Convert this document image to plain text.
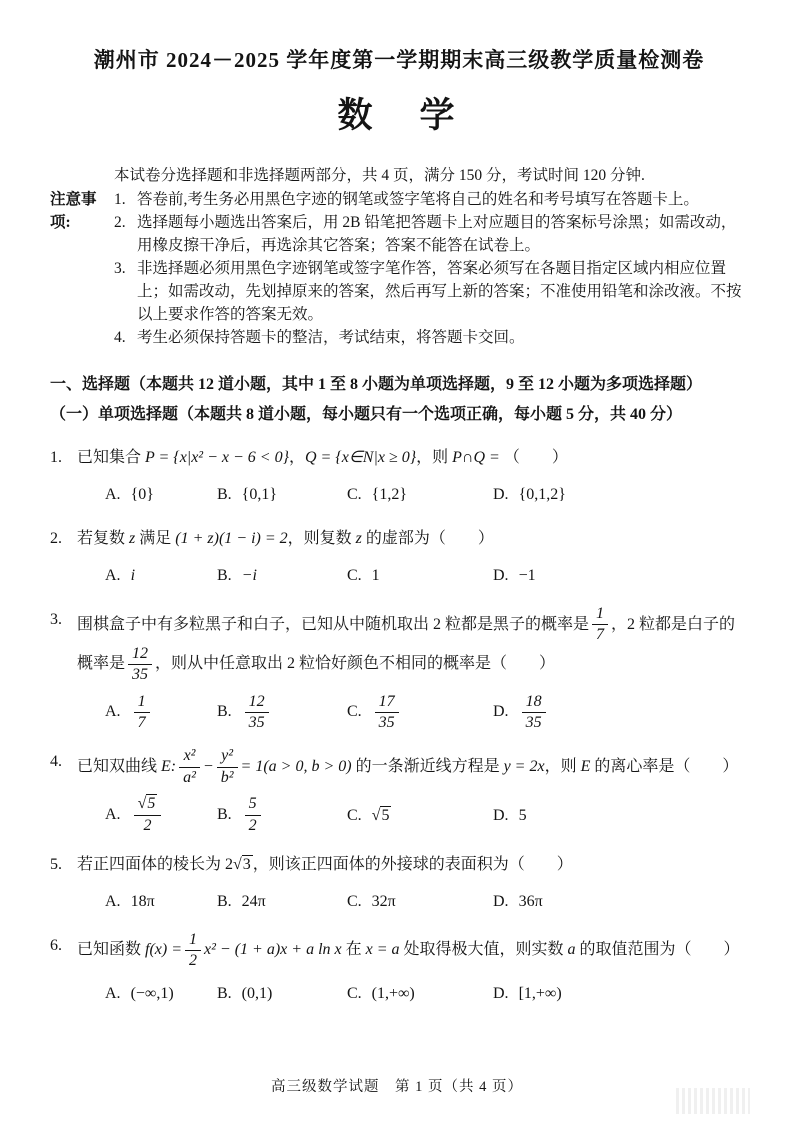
潮州市 2024－2025 学年度第一学期期末高三级教学质量检测卷
数　学
本试卷分选择题和非选择题两部分，共 4 页，满分 150 分，考试时间 120 分钟.
注意事项:
1. 答卷前,考生务必用黑色字迹的钢笔或签字笔将自己的姓名和考号填写在答题卡上。
2. 选择题每小题选出答案后，用 2B 铅笔把答题卡上对应题目的答案标号涂黑；如需改动，用橡皮擦干净后，再选涂其它答案；答案不能答在试卷上。
3. 非选择题必须用黑色字迹钢笔或签字笔作答，答案必须写在各题目指定区域内相应位置上；如需改动，先划掉原来的答案，然后再写上新的答案；不准使用铅笔和涂改液。不按以上要求作答的答案无效。
4. 考生必须保持答题卡的整洁，考试结束，将答题卡交回。
一、选择题（本题共 12 道小题，其中 1 至 8 小题为单项选择题，9 至 12 小题为多项选择题）
（一）单项选择题（本题共 8 道小题，每小题只有一个选项正确，每小题 5 分，共 40 分）
1. 已知集合 P = {x|x² − x − 6 < 0}，Q = {x∈N|x ≥ 0}，则 P∩Q = （　　）
A. {0}	B. {0,1}	C. {1,2}	D. {0,1,2}
2. 若复数 z 满足 (1 + z)(1 − i) = 2，则复数 z 的虚部为（　　）
A. i	B. −i	C. 1	D. −1
3. 围棋盒子中有多粒黑子和白子，已知从中随机取出 2 粒都是黑子的概率是 $\frac{1}{7}$ ，2 粒都是白子的概率是 $\frac{12}{35}$ ，则从中任意取出 2 粒恰好颜色不相同的概率是（　　）
A. $\frac{1}{7}$	B. $\frac{12}{35}$	C. $\frac{17}{35}$	D. $\frac{18}{35}$
4. 已知双曲线 E: $\frac{\text{x²}}{\text{a²}} - \frac{\text{y²}}{\text{b²}} = 1(a > 0$, b > 0) 的一条渐近线方程是 y = 2x，则 E 的离心率是（　　）
A. $\frac{√5}{2}$	B. $\frac{5}{2}$	C. √5	D. 5
5. 若正四面体的棱长为 2√3 ，则该正四面体的外接球的表面积为（　　）
A. 18π	B. 24π	C. 32π	D. 36π
6. 已知函数 $f(x) = \frac{1}{2} x^2 - (1 + a)x + a$ ln x 在 x = a 处取得极大值，则实数 a 的取值范围为（　　）
A. (−∞,1)	B. (0,1)	C. (1,+∞)	D. [1,+∞)
高三级数学试题　第 1 页（共 4 页）
